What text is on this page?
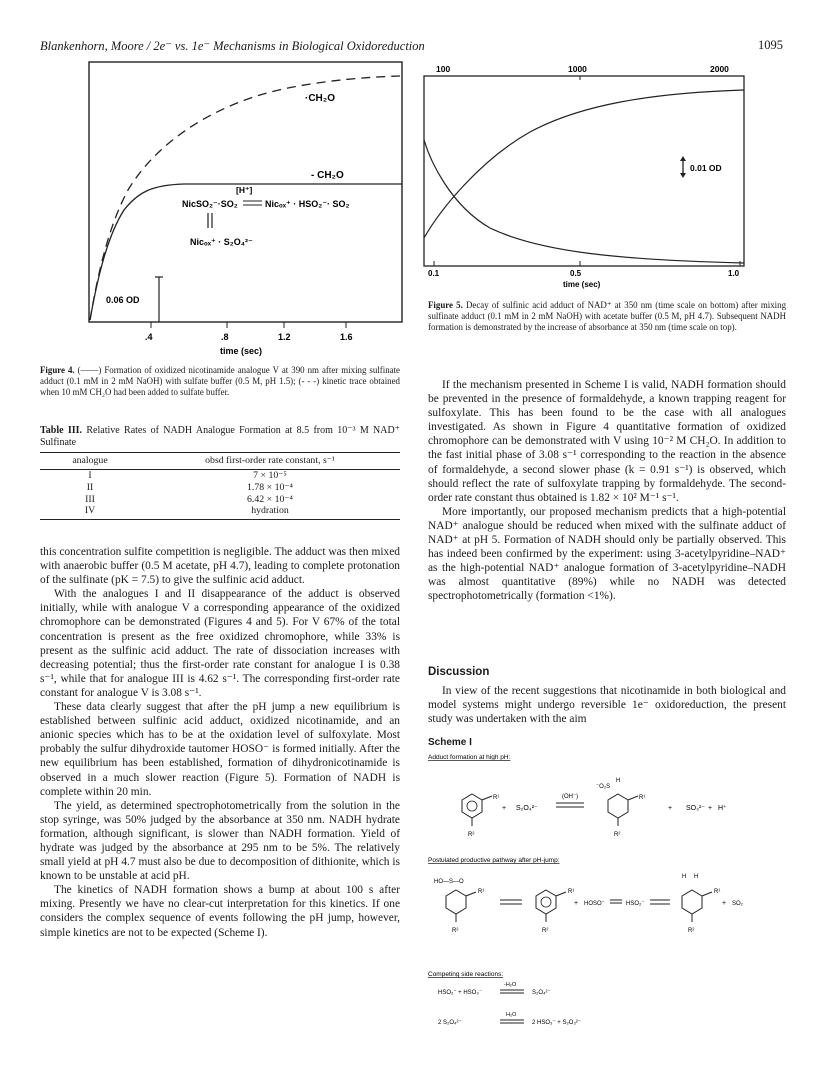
Blankenhorn, Moore / 2e⁻ vs. 1e⁻ Mechanisms in Biological Oxidoreduction	1095
·CH₂O
- CH₂O
[H⁺]
NicSO₂⁻·SO₂	Nicₒₓ⁺ · HSO₂⁻· SO₂
Nicₒₓ⁺ · S₂O₄²⁻
0.06 OD
.4	.8	1.2	1.6
time (sec)
Figure 4. (——) Formation of oxidized nicotinamide analogue V at 390 nm after mixing sulfinate adduct (0.1 mM in 2 mM NaOH) with sulfate buffer (0.5 M, pH 1.5); (- - -) kinetic trace obtained when 10 mM CH₂O had been added to sulfate buffer.
Table III. Relative Rates of NADH Analogue Formation at 8.5 from 10⁻³ M NAD⁺ Sulfinate
analogue	obsd first-order rate constant, s⁻¹
I	7 × 10⁻⁵
II	1.78 × 10⁻⁴
III	6.42 × 10⁻⁴
IV	hydration

this concentration sulfite competition is negligible. The adduct was then mixed with anaerobic buffer (0.5 M acetate, pH 4.7), leading to complete protonation of the sulfinate (pK = 7.5) to give the sulfinic acid adduct.

With the analogues I and II disappearance of the adduct is observed initially, while with analogue V a corresponding appearance of the oxidized chromophore can be demonstrated (Figures 4 and 5). For V 67% of the total concentration is present as the free oxidized chromophore, while 33% is present as the sulfinic acid adduct. The rate of dissociation increases with decreasing potential; thus the first-order rate constant for analogue I is 0.38 s⁻¹, while that for analogue III is 4.62 s⁻¹. The corresponding first-order rate constant for analogue V is 3.08 s⁻¹.

These data clearly suggest that after the pH jump a new equilibrium is established between sulfinic acid adduct, oxidized nicotinamide, and an anionic species which has to be at the oxidation level of sulfoxylate. Most probably the sulfur dihydroxide tautomer HOSO⁻ is formed initially. After the new equilibrium has been established, formation of dihydronicotinamide is observed in a much slower reaction (Figure 5). Formation of NADH is complete within 20 min.

The yield, as determined spectrophotometrically from the solution in the stop syringe, was 50% judged by the absorbance at 350 nm. NADH hydrate formation, although significant, is slower than NADH formation. Yield of hydrate was judged by the absorbance at 295 nm to be 5%. The relatively small yield at pH 4.7 must also be due to decomposition of dithionite, which is known to be unstable at acid pH.

The kinetics of NADH formation shows a bump at about 100 s after mixing. Presently we have no clear-cut interpretation for this kinetics. If one considers the complex sequence of events following the pH jump, however, simple kinetics are not to be expected (Scheme I).

100	1000	2000
0.01 OD
0.1	0.5	1.0
time (sec)
Figure 5. Decay of sulfinic acid adduct of NAD⁺ at 350 nm (time scale on bottom) after mixing sulfinate adduct (0.1 mM in 2 mM NaOH) with acetate buffer (0.5 M, pH 4.7). Subsequent NADH formation is demonstrated by the increase of absorbance at 350 nm (time scale on top).

If the mechanism presented in Scheme I is valid, NADH formation should be prevented in the presence of formaldehyde, a known trapping reagent for sulfoxylate. This has been found to be the case with all analogues investigated. As shown in Figure 4 quantitative formation of oxidized chromophore can be demonstrated with V using 10⁻² M CH₂O. In addition to the fast initial phase of 3.08 s⁻¹ corresponding to the reaction in the absence of formaldehyde, a second slower phase (k = 0.91 s⁻¹) is observed, which should reflect the rate of sulfoxylate trapping by formaldehyde. The second-order rate constant thus obtained is 1.82 × 10² M⁻¹ s⁻¹.

More importantly, our proposed mechanism predicts that a high-potential NAD⁺ analogue should be reduced when mixed with the sulfinate adduct of NAD⁺ at pH 5. Formation of NADH should only be partially observed. This has indeed been confirmed by the experiment: using 3-acetylpyridine–NAD⁺ as the high-potential NAD⁺ analogue formation of 3-acetylpyridine–NADH was almost quantitative (89%) while no NADH was detected spectrophotometrically (formation <1%).

Discussion

In view of the recent suggestions that nicotinamide in both biological and model systems might undergo reversible 1e⁻ oxidoreduction, the present study was undertaken with the aim

Scheme I
Adduct formation at high pH:
R¹
R²
+ S₂O₄²⁻
(OH⁻)
⁻O₂S
H
R¹
R²
+ SO₃²⁻ + H⁺
Postulated productive pathway after pH-jump:
HO—S—O
R¹
R²
R¹
R²
+ HOSO⁻	HSO₂⁻
H H
R¹
R²
+ SO₂
Competing side reactions:
HSO₂⁻ + HSO₃⁻
-H₂O
S₂O₄²⁻
2 S₂O₄²⁻
H₂O
2 HSO₃⁻ + S₂O₃²⁻
